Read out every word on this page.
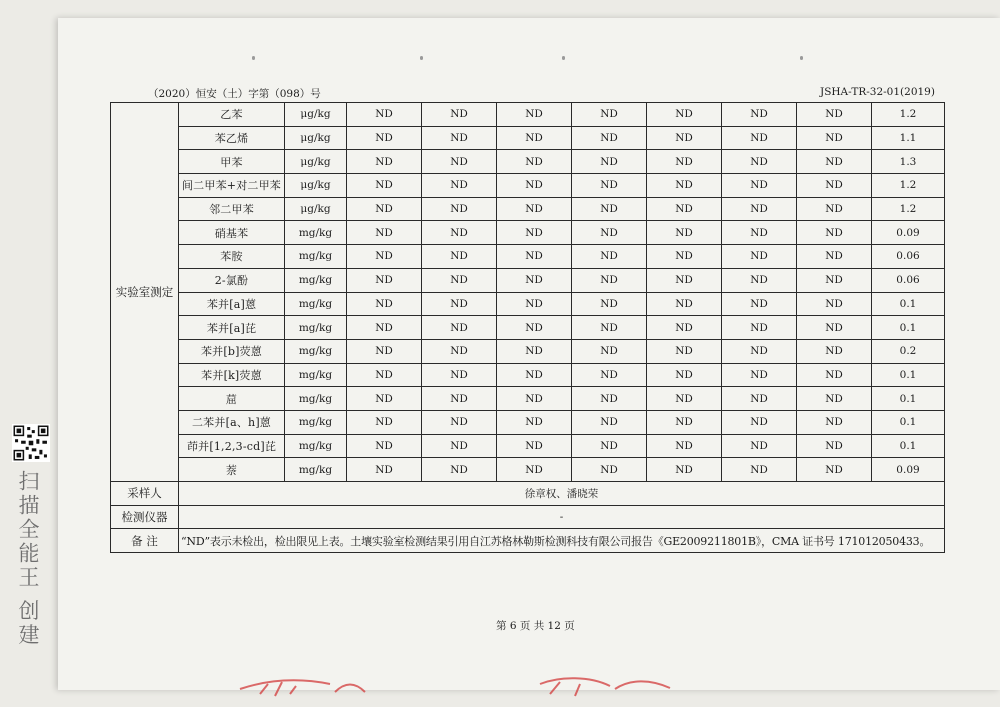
（2020）恒安（土）字第（098）号	JSHA-TR-32-01(2019)
实验室测定	乙苯	μg/kg	ND	ND	ND	ND	ND	ND	ND	1.2
	苯乙烯	μg/kg	ND	ND	ND	ND	ND	ND	ND	1.1
	甲苯	μg/kg	ND	ND	ND	ND	ND	ND	ND	1.3
	间二甲苯+对二甲苯	μg/kg	ND	ND	ND	ND	ND	ND	ND	1.2
	邻二甲苯	μg/kg	ND	ND	ND	ND	ND	ND	ND	1.2
	硝基苯	mg/kg	ND	ND	ND	ND	ND	ND	ND	0.09
	苯胺	mg/kg	ND	ND	ND	ND	ND	ND	ND	0.06
	2-氯酚	mg/kg	ND	ND	ND	ND	ND	ND	ND	0.06
	苯并[a]蒽	mg/kg	ND	ND	ND	ND	ND	ND	ND	0.1
	苯并[a]芘	mg/kg	ND	ND	ND	ND	ND	ND	ND	0.1
	苯并[b]荧蒽	mg/kg	ND	ND	ND	ND	ND	ND	ND	0.2
	苯并[k]荧蒽	mg/kg	ND	ND	ND	ND	ND	ND	ND	0.1
	䓛	mg/kg	ND	ND	ND	ND	ND	ND	ND	0.1
	二苯并[a、h]蒽	mg/kg	ND	ND	ND	ND	ND	ND	ND	0.1
	茚并[1,2,3-cd]芘	mg/kg	ND	ND	ND	ND	ND	ND	ND	0.1
	萘	mg/kg	ND	ND	ND	ND	ND	ND	ND	0.09
采样人	徐章权、潘晓荣									
检测仪器	-									
备 注	“ND”表示未检出，检出限见上表。土壤实验室检测结果引用自江苏格林勒斯检测科技有限公司报告《GE2009211801B》，CMA 证书号 171012050433。									
第 6 页 共 12 页
扫描全能王 创建
